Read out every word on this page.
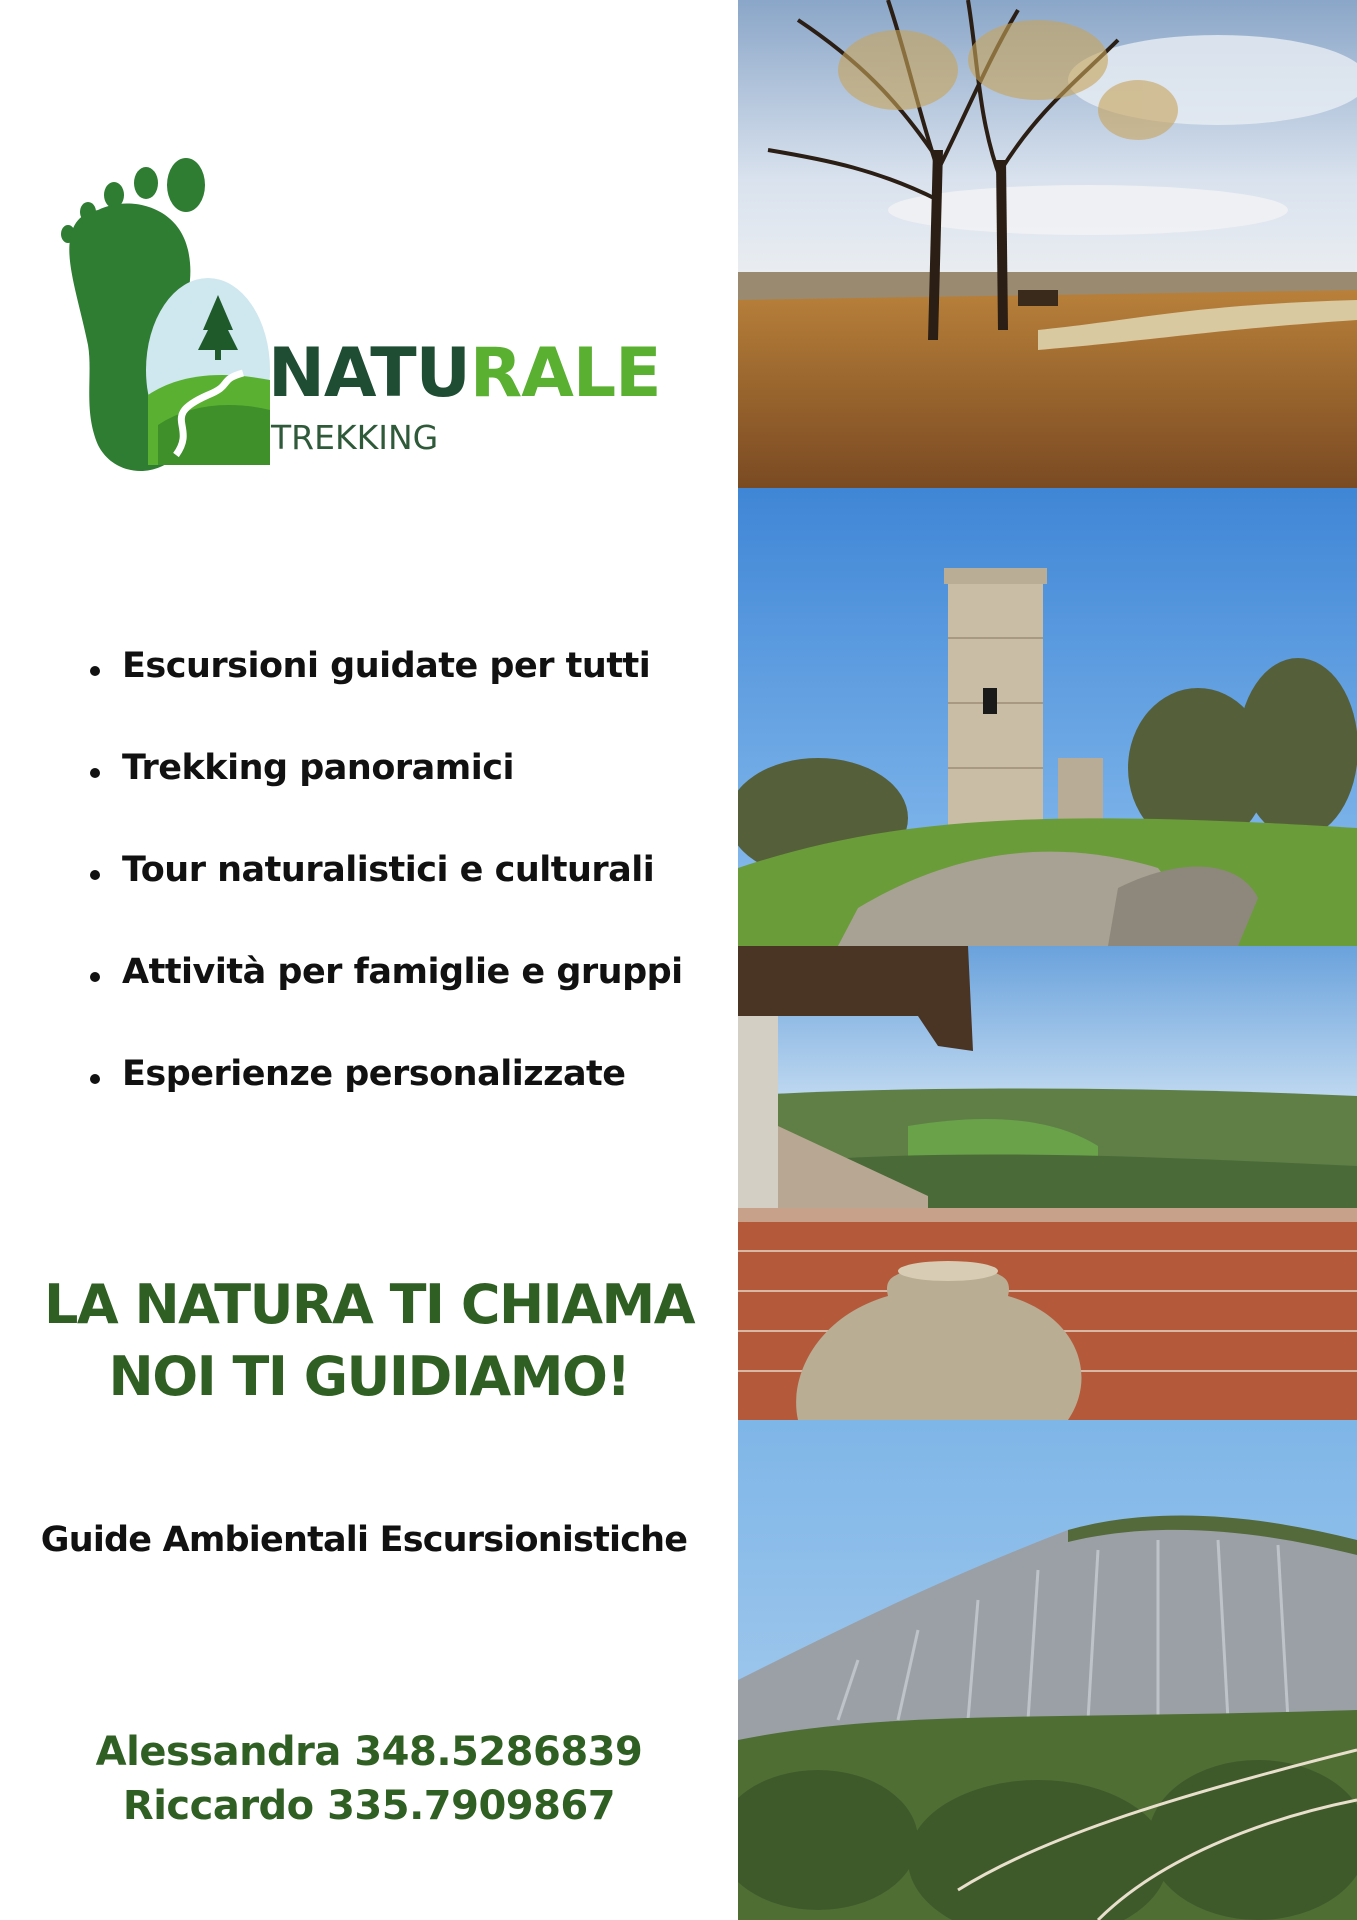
NATURALE
TREKKING
Escursioni guidate per tutti
Trekking panoramici
Tour naturalistici e culturali
Attività per famiglie e gruppi
Esperienze personalizzate
LA NATURA TI CHIAMA
NOI TI GUIDIAMO!
Guide Ambientali Escursionistiche
Alessandra 348.5286839
Riccardo 335.7909867
